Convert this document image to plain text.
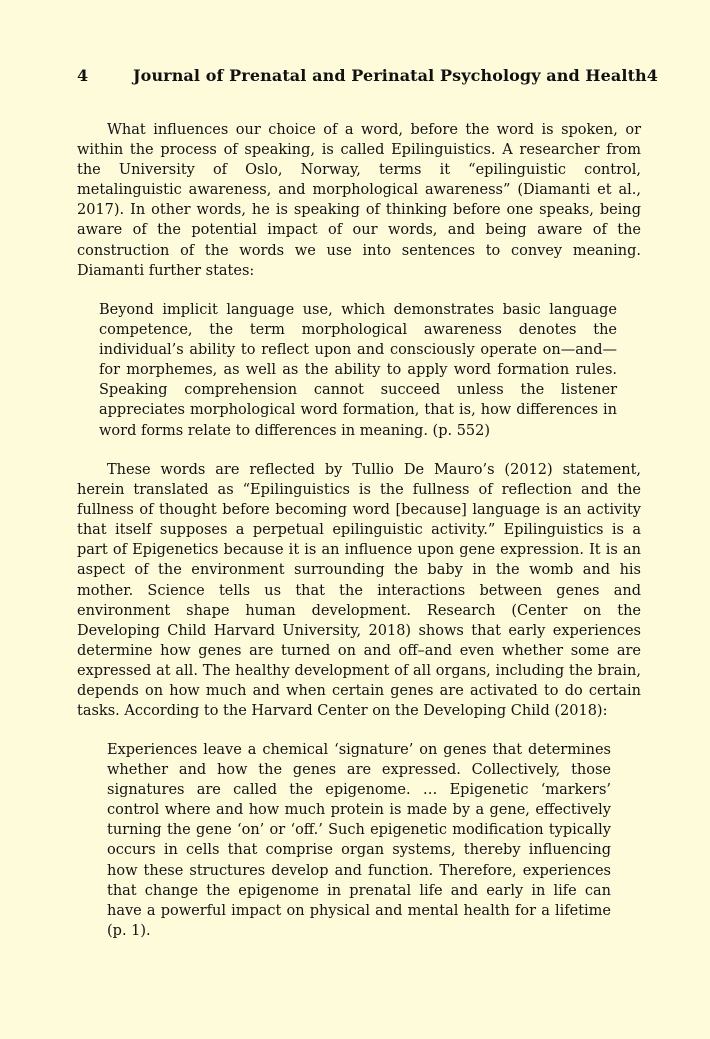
4	Journal of Prenatal and Perinatal Psychology and Health4

What influences our choice of a word, before the word is spoken, or within the process of speaking, is called Epilinguistics. A researcher from the University of Oslo, Norway, terms it “epilinguistic control, metalinguistic awareness, and morphological awareness” (Diamanti et al., 2017). In other words, he is speaking of thinking before one speaks, being aware of the potential impact of our words, and being aware of the construction of the words we use into sentences to convey meaning. Diamanti further states:

Beyond implicit language use, which demonstrates basic language competence, the term morphological awareness denotes the individual’s ability to reflect upon and consciously operate on—and—for morphemes, as well as the ability to apply word formation rules. Speaking comprehension cannot succeed unless the listener appreciates morphological word formation, that is, how differences in word forms relate to differences in meaning. (p. 552)

These words are reflected by Tullio De Mauro’s (2012) statement, herein translated as “Epilinguistics is the fullness of reflection and the fullness of thought before becoming word [because] language is an activity that itself supposes a perpetual epilinguistic activity.” Epilinguistics is a part of Epigenetics because it is an influence upon gene expression. It is an aspect of the environment surrounding the baby in the womb and his mother. Science tells us that the interactions between genes and environment shape human development. Research (Center on the Developing Child Harvard University, 2018) shows that early experiences determine how genes are turned on and off–and even whether some are expressed at all. The healthy development of all organs, including the brain, depends on how much and when certain genes are activated to do certain tasks. According to the Harvard Center on the Developing Child (2018):

Experiences leave a chemical ‘signature’ on genes that determines whether and how the genes are expressed. Collectively, those signatures are called the epigenome. … Epigenetic ‘markers’ control where and how much protein is made by a gene, effectively turning the gene ‘on’ or ‘off.’ Such epigenetic modification typically occurs in cells that comprise organ systems, thereby influencing how these structures develop and function. Therefore, experiences that change the epigenome in prenatal life and early in life can have a powerful impact on physical and mental health for a lifetime (p. 1).
